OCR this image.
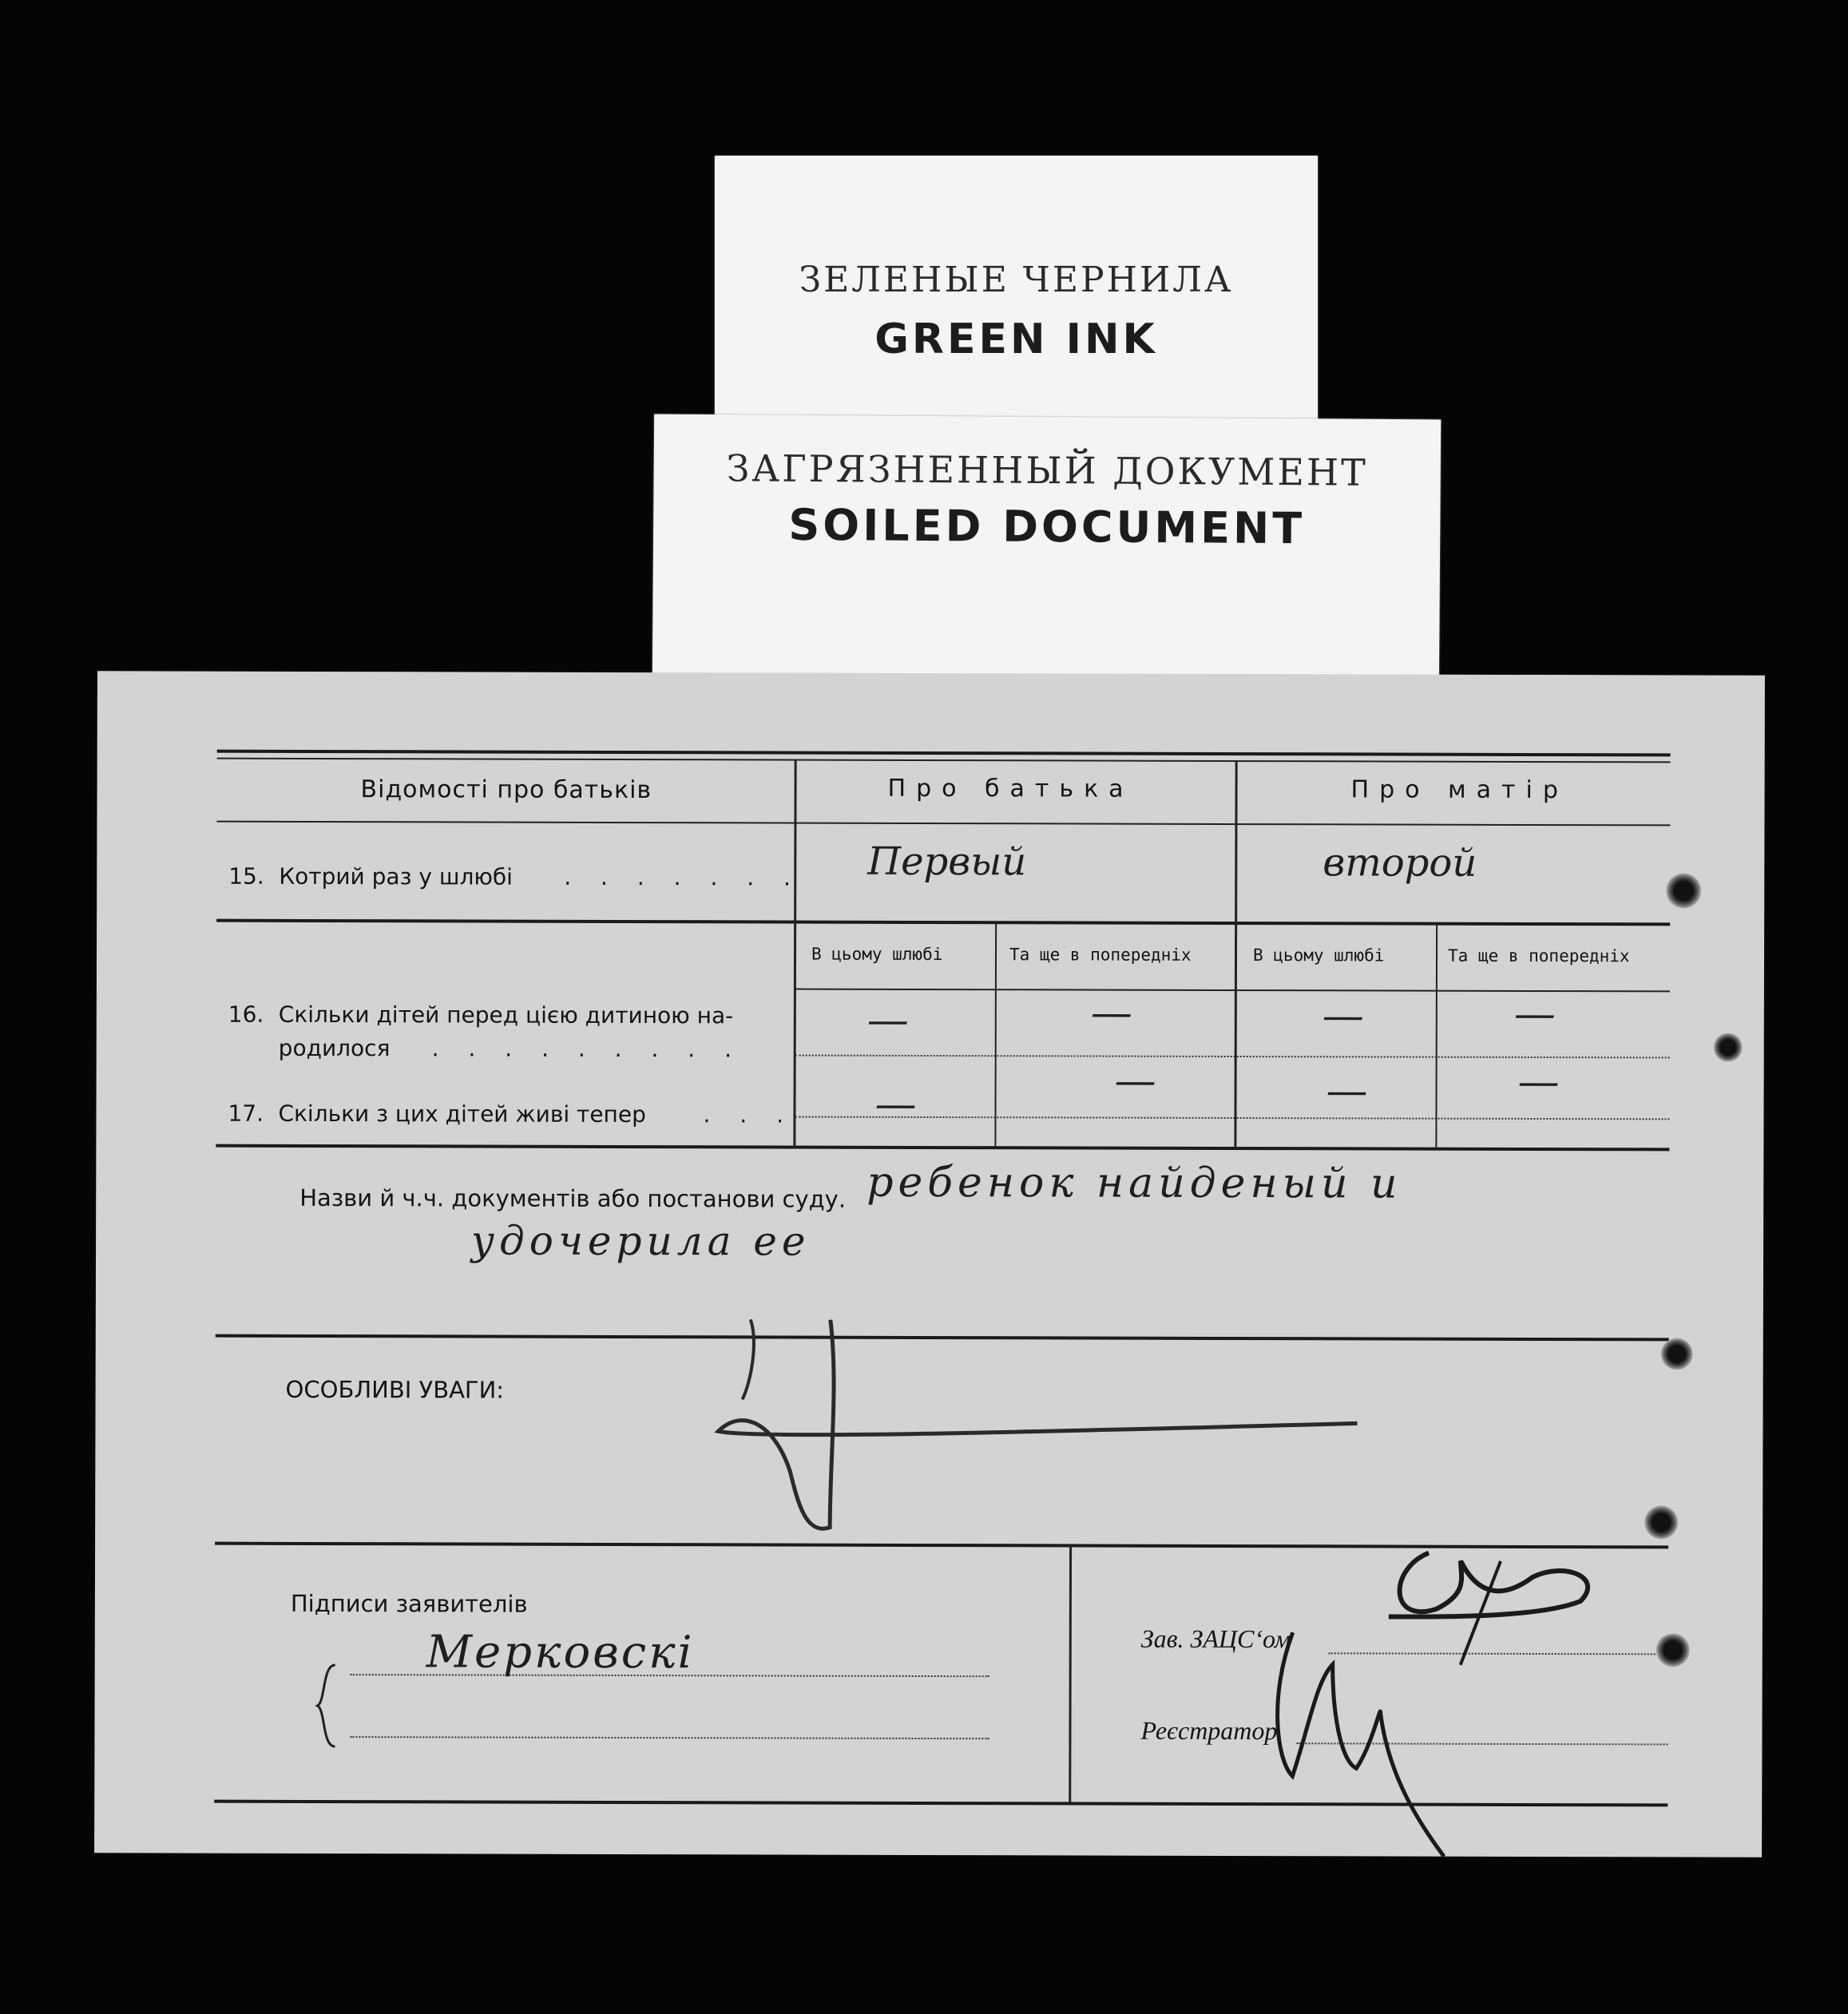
ЗЕЛЕНЫЕ ЧЕРНИЛА
GREEN INK
ЗАГРЯЗНЕННЫЙ ДОКУМЕНТ
SOILED DOCUMENT
Відомості про батьків	Про батька	Про матір
15. Котрий раз у шлюбі . . . . . . . Первый	второй
В цьому шлюбі	Та ще в попередніх	В цьому шлюбі	Та ще в попередніх
16. Скільки дітей перед цією дитиною на-
родилося . . . . . . . . .
—	—	—	—
17. Скільки з цих дітей живі тепер	. . . —	—	—	—
Назви й ч.ч. документів або постанови суду. ребенок найденый и
удочерила ее
ОСОБЛИВІ УВАГИ:
Підписи заявителів
Мерковскі	Зав. ЗАЦС‘ом
Реєстратор
